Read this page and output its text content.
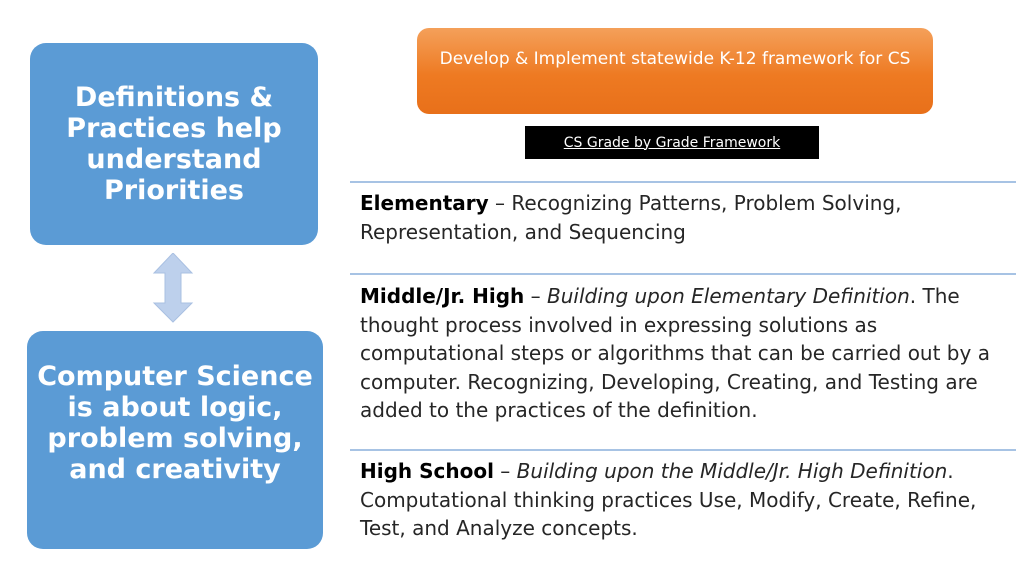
Definitions & Practices help understand Priorities
Computer Science is about logic, problem solving, and creativity
Develop & Implement statewide K-12 framework for CS
CS Grade by Grade Framework
Elementary – Recognizing Patterns, Problem Solving, Representation, and Sequencing
Middle/Jr. High – Building upon Elementary Definition. The thought process involved in expressing solutions as computational steps or algorithms that can be carried out by a computer. Recognizing, Developing, Creating, and Testing are added to the practices of the definition.
High School – Building upon the Middle/Jr. High Definition. Computational thinking practices Use, Modify, Create, Refine, Test, and Analyze concepts.
